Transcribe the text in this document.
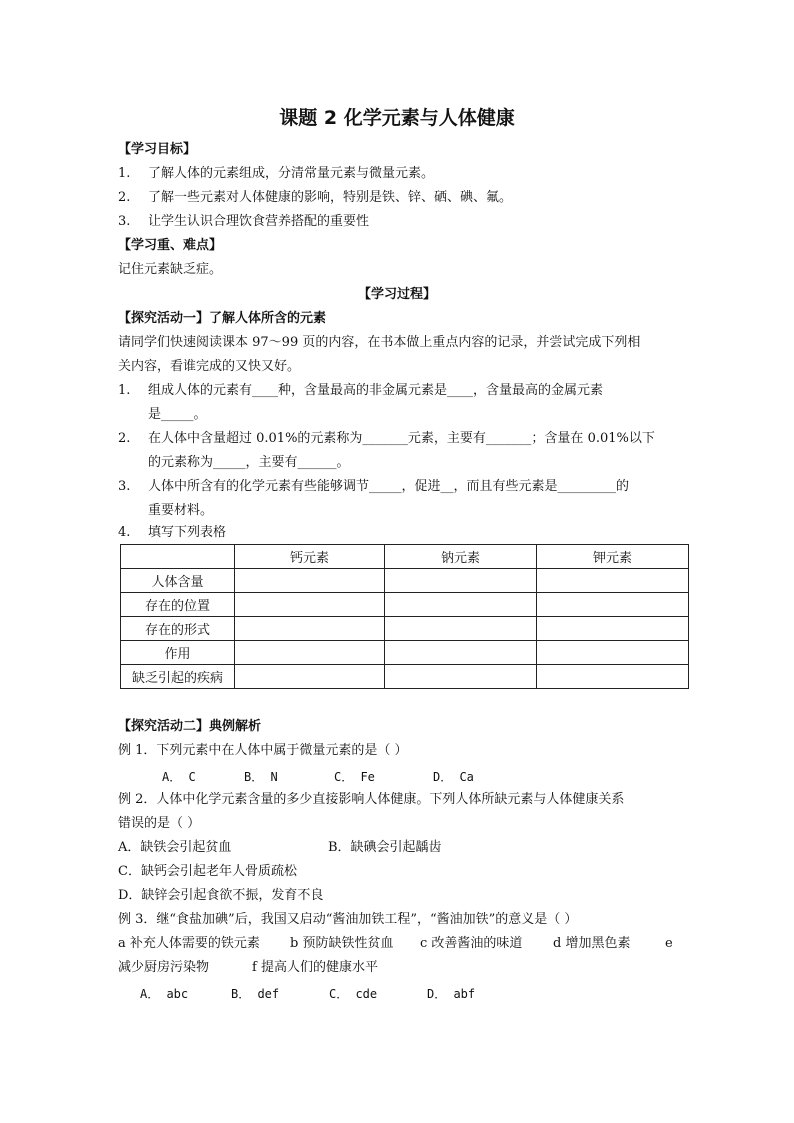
课题 2 化学元素与人体健康
【学习目标】
1. 了解人体的元素组成，分清常量元素与微量元素。
2. 了解一些元素对人体健康的影响，特别是铁、锌、硒、碘、氟。
3. 让学生认识合理饮食营养搭配的重要性
【学习重、难点】
记住元素缺乏症。
【学习过程】
【探究活动一】了解人体所含的元素
请同学们快速阅读课本 97～99 页的内容，在书本做上重点内容的记录，并尝试完成下列相
关内容，看谁完成的又快又好。
1. 组成人体的元素有____种，含量最高的非金属元素是____，含量最高的金属元素
是_____。
2. 在人体中含量超过 0.01%的元素称为_______元素，主要有_______；含量在 0.01%以下
的元素称为_____，主要有______。
3. 人体中所含有的化学元素有些能够调节_____，促进__，而且有些元素是_________的
重要材料。
4. 填写下列表格
	钙元素	钠元素	钾元素
人体含量			
存在的位置			
存在的形式			
作用			
缺乏引起的疾病			
【探究活动二】典例解析
例 1．下列元素中在人体中属于微量元素的是（ ）
A． C	B． N	C． Fe	D． Ca
例 2．人体中化学元素含量的多少直接影响人体健康。下列人体所缺元素与人体健康关系
错误的是（ ）
A．缺铁会引起贫血	B．缺碘会引起龋齿
C．缺钙会引起老年人骨质疏松
D．缺锌会引起食欲不振，发育不良
例 3．继“食盐加碘”后，我国又启动“酱油加铁工程”，“酱油加铁”的意义是（ ）
a 补充人体需要的铁元素 b 预防缺铁性贫血 c 改善酱油的味道 d 增加黑色素	e
减少厨房污染物	f 提高人们的健康水平
A． abc	B． def	C． cde	D． abf
